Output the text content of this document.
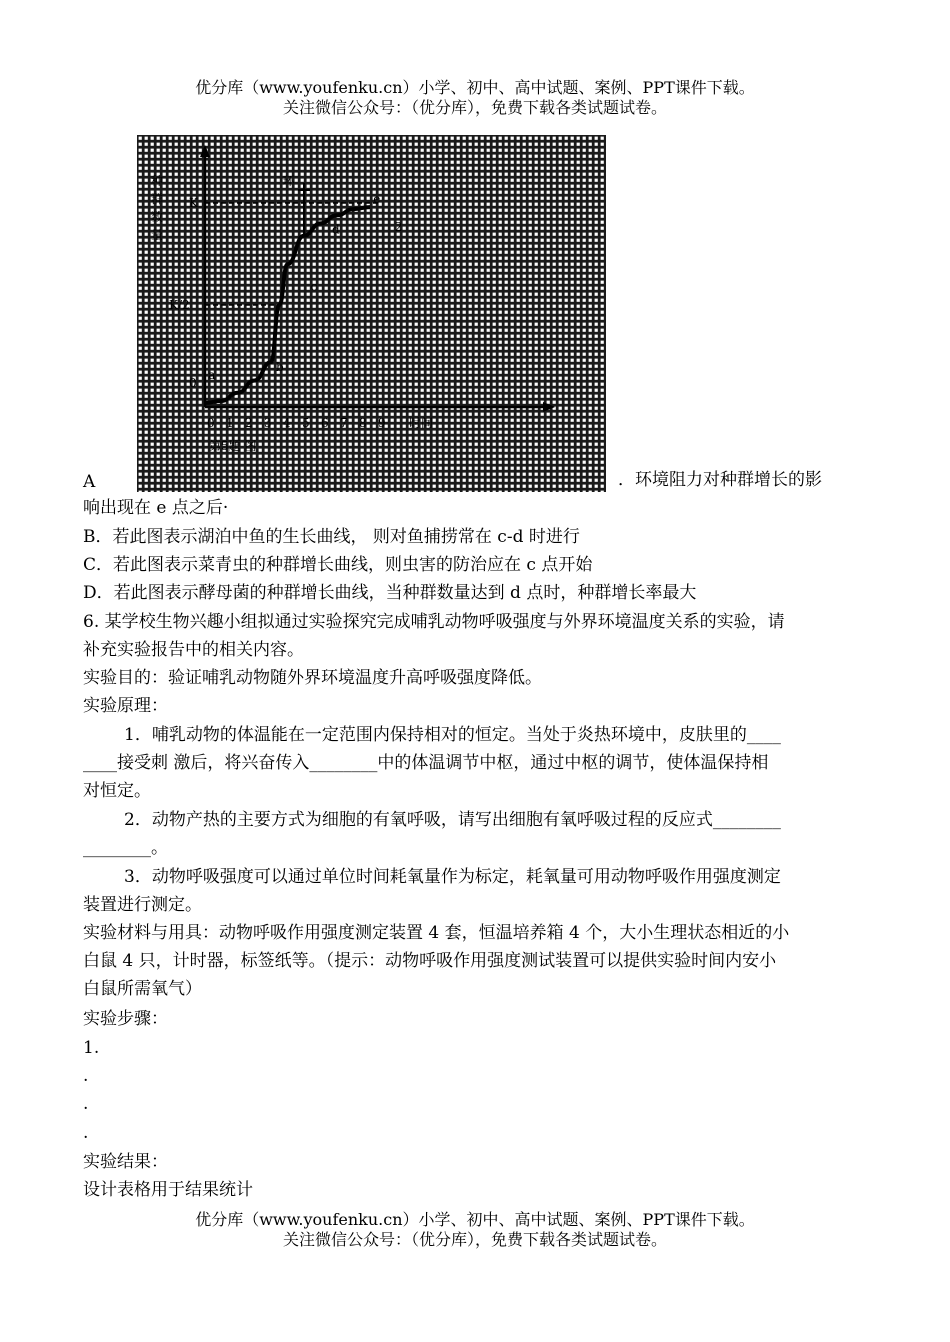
优分库（www.youfenku.cn）小学、初中、高中试题、案例、PPT课件下载。
关注微信公众号：（优分库），免费下载各类试题试卷。
种
群
数
量
K
K/2
0
a
b
c
d
e
环
2
0 1 2 3 4 5 6 7 8 9 时间
第5题 图
A	．环境阻力对种群增长的影
响出现在 e 点之后·
B．若此图表示湖泊中鱼的生长曲线， 则对鱼捕捞常在 c-d 时进行
C．若此图表示菜青虫的种群增长曲线，则虫害的防治应在 c 点开始
D．若此图表示酵母菌的种群增长曲线，当种群数量达到 d 点时，种群增长率最大
6. 某学校生物兴趣小组拟通过实验探究完成哺乳动物呼吸强度与外界环境温度关系的实验，请
补充实验报告中的相关内容。
实验目的：验证哺乳动物随外界环境温度升高呼吸强度降低。
实验原理：
1．哺乳动物的体温能在一定范围内保持相对的恒定。当处于炎热环境中，皮肤里的____
____接受刺 激后，将兴奋传入________中的体温调节中枢，通过中枢的调节，使体温保持相
对恒定。
2．动物产热的主要方式为细胞的有氧呼吸，请写出细胞有氧呼吸过程的反应式________
________。
3．动物呼吸强度可以通过单位时间耗氧量作为标定，耗氧量可用动物呼吸作用强度测定
装置进行测定。
实验材料与用具：动物呼吸作用强度测定装置 4 套，恒温培养箱 4 个，大小生理状态相近的小
白鼠 4 只，计时器，标签纸等。（提示：动物呼吸作用强度测试装置可以提供实验时间内安小
白鼠所需氧气）
实验步骤：
1.
.
.
.
实验结果：
设计表格用于结果统计
优分库（www.youfenku.cn）小学、初中、高中试题、案例、PPT课件下载。
关注微信公众号：（优分库），免费下载各类试题试卷。
